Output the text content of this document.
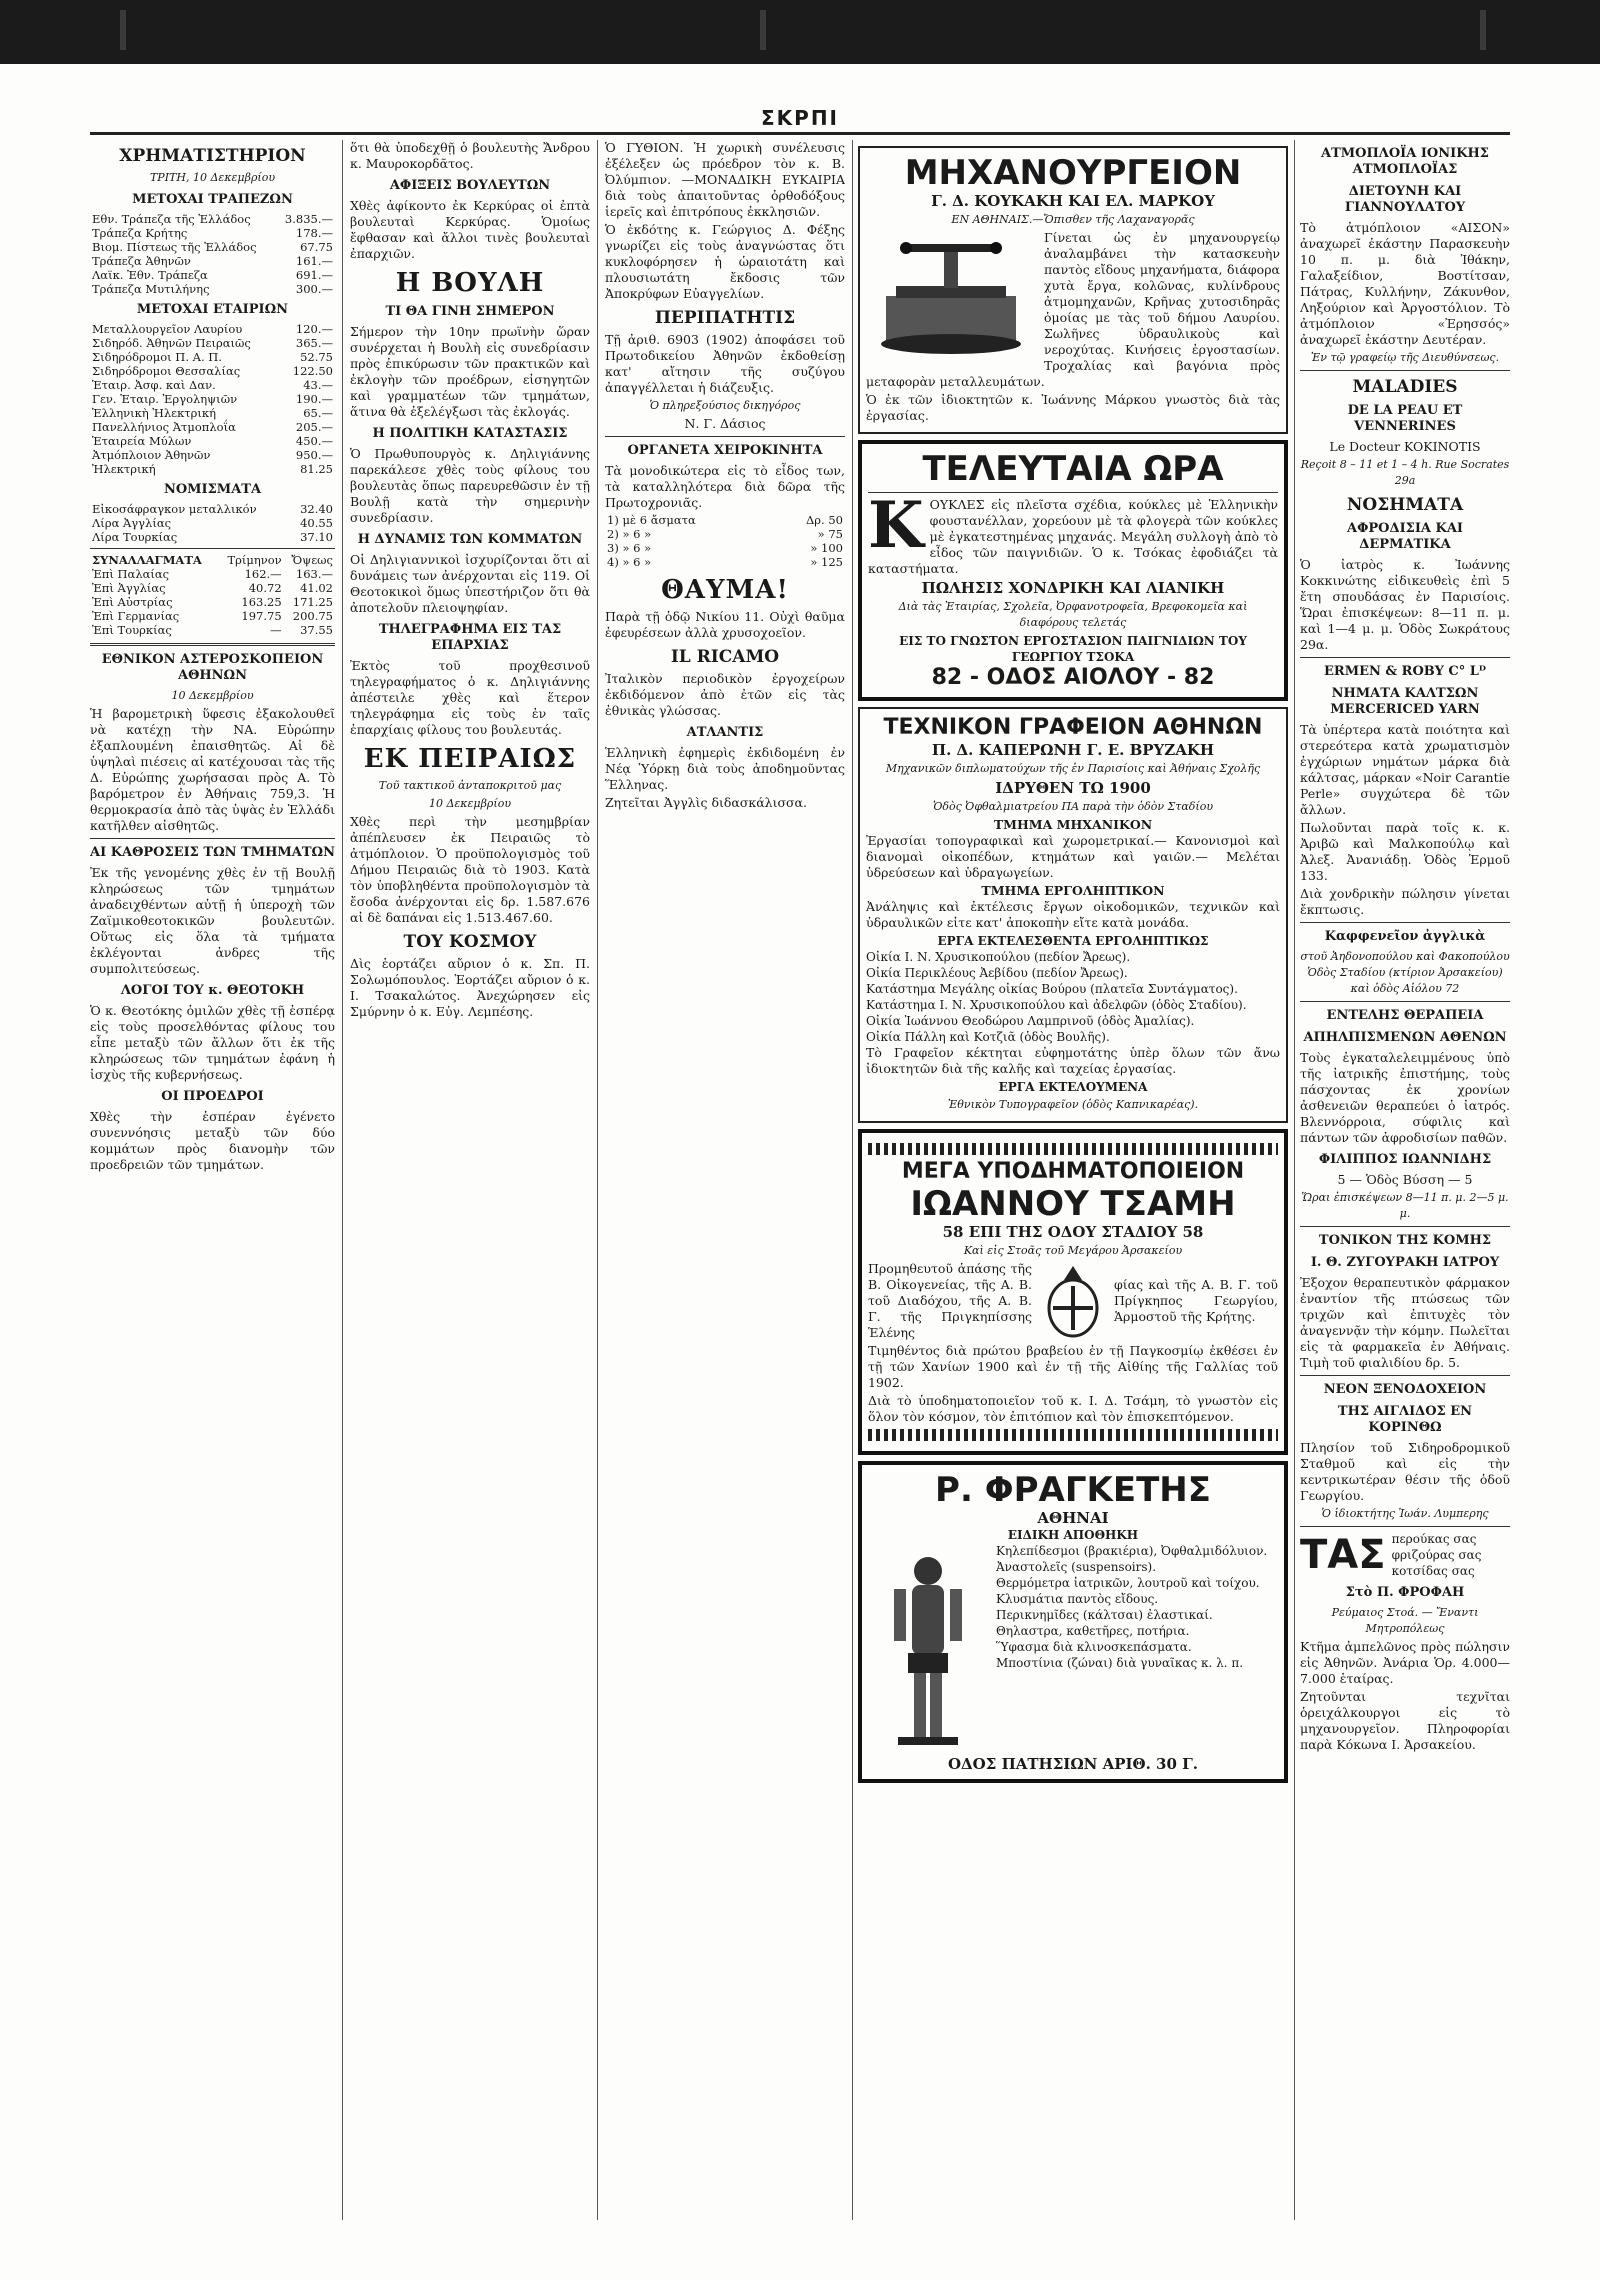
ΣΚΡΠΙ
ΧΡΗΜΑΤΙΣΤΗΡΙΟΝ
ΤΡΙΤΗ, 10 Δεκεμβρίου
ΜΕΤΟΧΑΙ ΤΡΑΠΕΖΩΝ
Εθν. Τράπεζα τῆς Ἑλλάδος	3.835.—
Τράπεζα Κρήτης	178.—
Βιομ. Πίστεως τῆς Ἑλλάδος	67.75
Τράπεζα Ἀθηνῶν	161.—
Λαϊκ. Ἐθν. Τράπεζα	691.—
Τράπεζα Μυτιλήνης	300.—
ΜΕΤΟΧΑΙ ΕΤΑΙΡΙΩΝ
Μεταλλουργεῖον Λαυρίου	120.—
Σιδηρόδ. Ἀθηνῶν Πειραιῶς	365.—
Σιδηρόδρομοι Π. Α. Π.	52.75
Σιδηρόδρομοι Θεσσαλίας	122.50
Ἑταιρ. Ἀσφ. καὶ Δαν.	43.—
Γεν. Ἑταιρ. Ἐργοληψιῶν	190.—
Ἑλληνικὴ Ἠλεκτρική	65.—
Πανελλήνιος Ἀτμοπλοΐα	205.—
Ἑταιρεία Μύλων	450.—
Ἀτμόπλοιον Ἀθηνῶν	950.—
Ἠλεκτρική	81.25
ΝΟΜΙΣΜΑΤΑ
Εἰκοσάφραγκον μεταλλικόν	32.40
Λίρα Ἀγγλίας	40.55
Λίρα Τουρκίας	37.10
ΣΥΝΑΛΛΑΓΜΑΤΑ	Τρίμηνον	Ὄψεως
Ἐπὶ Παλαίας	162.—	163.—
Ἐπὶ Ἀγγλίας	40.72	41.02
Ἐπὶ Αὐστρίας	163.25	171.25
Ἐπὶ Γερμανίας	197.75	200.75
Ἐπὶ Τουρκίας	—	37.55
ΕΘΝΙΚΟΝ ΑΣΤΕΡΟΣΚΟΠΕΙΟΝ ΑΘΗΝΩΝ
10 Δεκεμβρίου

Ἡ βαρομετρικὴ ὕφεσις ἐξακολουθεῖ νὰ κατέχῃ τὴν ΝΑ. Εὐρώπην ἐξαπλουμένη ἐπαισθητῶς. Αἱ δὲ ὑψηλαὶ πιέσεις αἱ κατέχουσαι τὰς τῆς Δ. Εὐρώπης χωρήσασαι πρὸς Α. Τὸ βαρόμετρον ἐν Ἀθήναις 759,3. Ἡ θερμοκρασία ἀπὸ τὰς ὑψὰς ἐν Ἑλλάδι κατῆλθεν αἰσθητῶς.

ΑΙ ΚΑΘΡΟΣΕΙΣ ΤΩΝ ΤΜΗΜΑΤΩΝ

Ἐκ τῆς γενομένης χθὲς ἐν τῇ Βουλῇ κληρώσεως τῶν τμημάτων ἀναδειχθέντων αὐτῇ ἡ ὑπεροχὴ τῶν Ζαϊμικοθεοτοκικῶν βουλευτῶν. Οὕτως εἰς ὅλα τὰ τμήματα ἐκλέγονται ἀνδρες τῆς συμπολιτεύσεως.

ΛΟΓΟΙ ΤΟΥ κ. ΘΕΟΤΟΚΗ

Ὁ κ. Θεοτόκης ὁμιλῶν χθὲς τῇ ἑσπέρᾳ εἰς τοὺς προσελθόντας φίλους του εἶπε μεταξὺ τῶν ἄλλων ὅτι ἐκ τῆς κληρώσεως τῶν τμημάτων ἐφάνη ἡ ἰσχὺς τῆς κυβερνήσεως.

ΟΙ ΠΡΟΕΔΡΟΙ

Χθὲς τὴν ἑσπέραν ἐγένετο συνεννόησις μεταξὺ τῶν δύο κομμάτων πρὸς διανομὴν τῶν προεδρειῶν τῶν τμημάτων.

ὅτι θὰ ὑποδεχθῇ ὁ βουλευτὴς Ἄνδρου κ. Μαυροκορδᾶτος.

ΑΦΙΞΕΙΣ ΒΟΥΛΕΥΤΩΝ

Χθὲς ἀφίκοντο ἐκ Κερκύρας οἱ ἐπτὰ βουλευταὶ Κερκύρας. Ὁμοίως ἔφθασαν καὶ ἄλλοι τινὲς βουλευταὶ ἐπαρχιῶν.

Η ΒΟΥΛΗ
ΤΙ ΘΑ ΓΙΝΗ ΣΗΜΕΡΟΝ

Σήμερον τὴν 10ην πρωϊνὴν ὥραν συνέρχεται ἡ Βουλὴ εἰς συνεδρίασιν πρὸς ἐπικύρωσιν τῶν πρακτικῶν καὶ ἐκλογὴν τῶν προέδρων, εἰσηγητῶν καὶ γραμματέων τῶν τμημάτων, ἅτινα θὰ ἐξελέγξωσι τὰς ἐκλογάς.

Η ΠΟΛΙΤΙΚΗ ΚΑΤΑΣΤΑΣΙΣ

Ὁ Πρωθυπουργὸς κ. Δηλιγιάννης παρεκάλεσε χθὲς τοὺς φίλους του βουλευτὰς ὅπως παρευρεθῶσιν ἐν τῇ Βουλῇ κατὰ τὴν σημερινὴν συνεδρίασιν.

Η ΔΥΝΑΜΙΣ ΤΩΝ ΚΟΜΜΑΤΩΝ

Οἱ Δηλιγιαννικοὶ ἰσχυρίζονται ὅτι αἱ δυνάμεις των ἀνέρχονται εἰς 119. Οἱ Θεοτοκικοὶ ὅμως ὑπεστήριζον ὅτι θὰ ἀποτελοῦν πλειοψηφίαν.

ΤΗΛΕΓΡΑΦΗΜΑ ΕΙΣ ΤΑΣ ΕΠΑΡΧΙΑΣ

Ἐκτὸς τοῦ προχθεσινοῦ τηλεγραφήματος ὁ κ. Δηλιγιάννης ἀπέστειλε χθὲς καὶ ἕτερον τηλεγράφημα εἰς τοὺς ἐν ταῖς ἐπαρχίαις φίλους του βουλευτάς.

ΕΚ ΠΕΙΡΑΙΩΣ
Τοῦ τακτικοῦ ἀνταποκριτοῦ μας
10 Δεκεμβρίου

Χθὲς περὶ τὴν μεσημβρίαν ἀπέπλευσεν ἐκ Πειραιῶς τὸ ἀτμόπλοιον. Ὁ προϋπολογισμὸς τοῦ Δήμου Πειραιῶς διὰ τὸ 1903. Κατὰ τὸν ὑποβληθέντα προϋπολογισμὸν τὰ ἔσοδα ἀνέρχονται εἰς δρ. 1.587.676 αἱ δὲ δαπάναι εἰς 1.513.467.60.

ΤΟΥ ΚΟΣΜΟΥ

Δὶς ἑορτάζει αὔριον ὁ κ. Σπ. Π. Σολωμόπουλος. Ἑορτάζει αὔριον ὁ κ. Ι. Τσακαλώτος. Ἀνεχώρησεν εἰς Σμύρνην ὁ κ. Εὐγ. Λεμπέσης.

Ὁ ΓΥΘΙΟΝ. Ἡ χωρικὴ συνέλευσις ἐξέλεξεν ὡς πρόεδρον τὸν κ. Β. Ὀλύμπιον. —ΜΟΝΑΔΙΚΗ ΕΥΚΑΙΡΙΑ διὰ τοὺς ἀπαιτοῦντας ὀρθοδόξους ἱερεῖς καὶ ἐπιτρόπους ἐκκλησιῶν.

Ὁ ἐκδότης κ. Γεώργιος Δ. Φέξης γνωρίζει εἰς τοὺς ἀναγνώστας ὅτι κυκλοφόρησεν ἡ ὡραιοτάτη καὶ πλουσιωτάτη ἔκδοσις τῶν Ἀποκρύφων Εὐαγγελίων.

ΠΕΡΙΠΑΤΗΤΙΣ

Τῇ ἀριθ. 6903 (1902) ἀποφάσει τοῦ Πρωτοδικείου Ἀθηνῶν ἐκδοθείσῃ κατ' αἴτησιν τῆς συζύγου ἀπαγγέλλεται ἡ διάζευξις.

Ὁ πληρεξούσιος δικηγόρος
Ν. Γ. Δάσιος
ΟΡΓΑΝΕΤΑ ΧΕΙΡΟΚΙΝΗΤΑ

Τὰ μονοδικώτερα εἰς τὸ εἶδος των, τὰ καταλληλότερα διὰ δῶρα τῆς Πρωτοχρονιᾶς.

1) μὲ 6 ἄσματα	Δρ. 50
2) » 6 »	» 75
3) » 6 »	» 100
4) » 6 »	» 125
ΘΑΥΜΑ!

Παρὰ τῇ ὁδῷ Νικίου 11. Οὐχὶ θαῦμα ἐφευρέσεων ἀλλὰ χρυσοχοεῖον.

IL RICAMO

Ἰταλικὸν περιοδικὸν ἐργοχείρων ἐκδιδόμενον ἀπὸ ἐτῶν εἰς τὰς ἐθνικὰς γλώσσας.

ΑΤΛΑΝΤΙΣ

Ἑλληνικὴ ἐφημερὶς ἐκδιδομένη ἐν Νέᾳ Ὑόρκῃ διὰ τοὺς ἀποδημοῦντας Ἕλληνας.

Ζητεῖται Ἀγγλὶς διδασκάλισσα.

ΜΗΧΑΝΟΥΡΓΕΙΟΝ
Γ. Δ. ΚΟΥΚΑΚΗ ΚΑΙ ΕΛ. ΜΑΡΚΟΥ
ΕΝ ΑΘΗΝΑΙΣ.—Ὄπισθεν τῆς Λαχαναγορᾶς

Γίνεται ὡς ἐν μηχανουργείῳ ἀναλαμβάνει τὴν κατασκευὴν παντὸς εἴδους μηχανήματα, διάφορα χυτὰ ἔργα, κολῶνας, κυλίνδρους ἀτμομηχανῶν, Κρῆνας χυτοσιδηρᾶς ὁμοίας με τὰς τοῦ δήμου Λαυρίου. Σωλῆνες ὑδραυλικοὺς καὶ νεροχύτας. Κινήσεις ἐργοστασίων. Τροχαλίας καὶ βαγόνια πρὸς μεταφορὰν μεταλλευμάτων.

Ὁ ἐκ τῶν ἰδιοκτητῶν κ. Ἰωάννης Μάρκου γνωστὸς διὰ τὰς ἐργασίας.

ΤΕΛΕΥΤΑΙΑ ΩΡΑ
Κ ΟΥΚΛΕΣ εἰς πλεῖστα σχέδια, κούκλες μὲ Ἑλληνικὴν φουστανέλλαν, χορεύουν μὲ τὰ φλογερὰ τῶν κούκλες μὲ ἐγκατεστημένας μηχανάς. Μεγάλη συλλογὴ ἀπὸ τὸ εἶδος τῶν παιγνιδιῶν. Ὁ κ. Τσόκας ἐφοδιάζει τὰ καταστήματα.

ΠΩΛΗΣΙΣ ΧΟΝΔΡΙΚΗ ΚΑΙ ΛΙΑΝΙΚΗ
Διὰ τὰς Ἑταιρίας, Σχολεῖα, Ὀρφανοτροφεῖα, Βρεφοκομεῖα καὶ διαφόρους τελετάς
ΕΙΣ ΤΟ ΓΝΩΣΤΟΝ ΕΡΓΟΣΤΑΣΙΟΝ ΠΑΙΓΝΙΔΙΩΝ ΤΟΥ ΓΕΩΡΓΙΟΥ ΤΣΟΚΑ
82 - ΟΔΟΣ ΑΙΟΛΟΥ - 82
ΤΕΧΝΙΚΟΝ ΓΡΑΦΕΙΟΝ ΑΘΗΝΩΝ
Π. Δ. ΚΑΠΕΡΩΝΗ Γ. Ε. ΒΡΥΖΑΚΗ
Μηχανικῶν διπλωματούχων τῆς ἐν Παρισίοις καὶ Ἀθήναις Σχολῆς
ΙΔΡΥΘΕΝ ΤΩ 1900
Ὁδὸς Ὀφθαλμιατρείου ΠΑ παρὰ τὴν ὁδὸν Σταδίου
ΤΜΗΜΑ ΜΗΧΑΝΙΚΟΝ

Ἐργασίαι τοπογραφικαὶ καὶ χωρομετρικαί.— Κανονισμοὶ καὶ διανομαὶ οἰκοπέδων, κτημάτων καὶ γαιῶν.— Μελέται ὑδρεύσεων καὶ ὑδραγωγείων.

ΤΜΗΜΑ ΕΡΓΟΛΗΠΤΙΚΟΝ

Ἀνάληψις καὶ ἐκτέλεσις ἔργων οἰκοδομικῶν, τεχνικῶν καὶ ὑδραυλικῶν εἰτε κατ' ἀποκοπὴν εἴτε κατὰ μονάδα.

ΕΡΓΑ ΕΚΤΕΛΕΣΘΕΝΤΑ ΕΡΓΟΛΗΠΤΙΚΩΣ
Οἰκία Ι. Ν. Χρυσικοπούλου (πεδίον Ἄρεως).
Οἰκία Περικλέους Ἀεβίδου (πεδίον Ἄρεως).
Κατάστημα Μεγάλης οἰκίας Βούρου (πλατεῖα Συντάγματος).
Κατάστημα Ι. Ν. Χρυσικοπούλου καὶ ἀδελφῶν (ὁδὸς Σταδίου).
Οἰκία Ἰωάννου Θεοδώρου Λαμπρινοῦ (ὁδὸς Ἀμαλίας).
Οἰκία Πάλλη καὶ Κοτζιᾶ (ὁδὸς Βουλῆς).

Τὸ Γραφεῖον κέκτηται εὐφημοτάτης ὑπὲρ ὅλων τῶν ἄνω ἰδιοκτητῶν διὰ τῆς καλῆς καὶ ταχείας ἐργασίας.

ΕΡΓΑ ΕΚΤΕΛΟΥΜΕΝΑ
Ἐθνικὸν Τυπογραφεῖον (ὁδὸς Καπνικαρέας).
ΜΕΓΑ ΥΠΟΔΗΜΑΤΟΠΟΙΕΙΟΝ
ΙΩΑΝΝΟΥ ΤΣΑΜΗ
58 ΕΠΙ ΤΗΣ ΟΔΟΥ ΣΤΑΔΙΟΥ 58
Καὶ εἰς Στοᾶς τοῦ Μεγάρου Ἀρσακείου

Προμηθευτοῦ ἁπάσης τῆς Β. Οἰκογενείας, τῆς Α. Β. τοῦ Διαδόχου, τῆς Α. Β. Γ. τῆς Πριγκηπίσσης Ἑλένης

φίας καὶ τῆς Α. Β. Γ. τοῦ Πρίγκηπος Γεωργίου, Ἁρμοστοῦ τῆς Κρήτης.

Τιμηθέντος διὰ πρώτου βραβείου ἐν τῇ Παγκοσμίῳ ἐκθέσει ἐν τῇ τῶν Χανίων 1900 καὶ ἐν τῇ τῆς Αἰθίης τῆς Γαλλίας τοῦ 1902.

Διὰ τὸ ὑποδηματοποιεῖον τοῦ κ. Ι. Δ. Τσάμη, τὸ γνωστὸν εἰς ὅλον τὸν κόσμον, τὸν ἐπιτόπιον καὶ τὸν ἐπισκεπτόμενον.

Ρ. ΦΡΑΓΚΕΤΗΣ
ΑΘΗΝΑΙ
ΕΙΔΙΚΗ ΑΠΟΘΗΚΗ
Κηλεπίδεσμοι (βρακιέρια), Ὀφθαλμιδόλυιον.
Ἀναστολεῖς (suspensoirs).
Θερμόμετρα ἰατρικῶν, λουτροῦ καὶ τοίχου.
Κλυσμάτια παντὸς εἴδους.
Περικνημῖδες (κάλτσαι) ἐλαστικαί.
Θηλαστρα, καθετῆρες, ποτήρια.
Ὕφασμα διὰ κλινοσκεπάσματα.
Μποστίνια (ζώναι) διὰ γυναῖκας κ. λ. π.
ΟΔΟΣ ΠΑΤΗΣΙΩΝ ΑΡΙΘ. 30 Γ.
ΑΤΜΟΠΛΟΪΑ ΙΟΝΙΚΗΣ ΑΤΜΟΠΛΟΪΑΣ
ΔΙΕΤΟΥΝΗ ΚΑΙ ΓΙΑΝΝΟΥΛΑΤΟΥ

Τὸ ἀτμόπλοιον «ΑΙΣΟΝ» ἀναχωρεῖ ἐκάστην Παρασκευὴν 10 π. μ. διὰ Ἰθάκην, Γαλαξείδιον, Βοστίτσαν, Πάτρας, Κυλλήνην, Ζάκυνθον, Ληξούριον καὶ Ἀργοστόλιον. Τὸ ἀτμόπλοιον «Ἐρησσός» ἀναχωρεῖ ἑκάστην Δευτέραν.

Ἐν τῷ γραφείῳ τῆς Διευθύνσεως.
MALADIES
DE LA PEAU ET VENNERINES
Le Docteur KOKINOTIS
Reçoit 8 – 11 et 1 – 4 h. Rue Socrates 29a
ΝΟΣΗΜΑΤΑ
ΑΦΡΟΔΙΣΙΑ ΚΑΙ ΔΕΡΜΑΤΙΚΑ

Ὁ ἰατρὸς κ. Ἰωάννης Κοκκινώτης εἰδικευθεὶς ἐπὶ 5 ἔτη σπουδάσας ἐν Παρισίοις. Ὥραι ἐπισκέψεων: 8—11 π. μ. καὶ 1—4 μ. μ. Ὁδὸς Σωκράτους 29α.

ERMEN & ROBY C° Lᴰ
ΝΗΜΑΤΑ ΚΑΛΤΣΩΝ MERCERICED YARN

Τὰ ὑπέρτερα κατὰ ποιότητα καὶ στερεότερα κατὰ χρωματισμὸν ἐγχώριων νημάτων μάρκα διὰ κάλτσας, μάρκαν «Noir Carantie Perle» συγχώτερα δὲ τῶν ἄλλων.

Πωλοῦνται παρὰ τοῖς κ. κ. Ἀριβῶ καὶ Μαλκοπούλῳ καὶ Ἀλεξ. Ἀνανιάδῃ. Ὁδὸς Ἑρμοῦ 133.

Διὰ χονδρικὴν πώλησιν γίνεται ἔκπτωσις.

Καφφενεῖον ἀγγλικὰ
στοῦ Ἀηδονοπούλου καὶ Φακοπούλου Ὁδὸς Σταδίου (κτίριον Ἀρσακείου) καὶ ὁδὸς Αἰόλου 72
ΕΝΤΕΛΗΣ ΘΕΡΑΠΕΙΑ
ΑΠΗΛΠΙΣΜΕΝΩΝ ΑΘΕΝΩΝ

Τοὺς ἐγκαταλελειμμένους ὑπὸ τῆς ἰατρικῆς ἐπιστήμης, τοὺς πάσχοντας ἐκ χρονίων ἀσθενειῶν θεραπεύει ὁ ἰατρός. Βλεννόρροια, σύφιλις καὶ πάντων τῶν ἀφροδισίων παθῶν.

ΦΙΛΙΠΠΟΣ ΙΩΑΝΝΙΔΗΣ
5 — Ὁδὸς Βύσση — 5
Ὥραι ἐπισκέψεων 8—11 π. μ. 2—5 μ. μ.
ΤΟΝΙΚΟΝ ΤΗΣ ΚΟΜΗΣ
Ι. Θ. ΖΥΓΟΥΡΑΚΗ ΙΑΤΡΟΥ

Ἐξοχον θεραπευτικὸν φάρμακον ἐναντίον τῆς πτώσεως τῶν τριχῶν καὶ ἐπιτυχὲς τὸν ἀναγεννᾷν τὴν κόμην. Πωλεῖται εἰς τὰ φαρμακεῖα ἐν Ἀθήναις. Τιμὴ τοῦ φιαλιδίου δρ. 5.

ΝΕΟΝ ΞΕΝΟΔΟΧΕΙΟΝ
ΤΗΣ ΑΙΓΛΙΔΟΣ ΕΝ ΚΟΡΙΝΘΩ

Πλησίον τοῦ Σιδηροδρομικοῦ Σταθμοῦ καὶ εἰς τὴν κεντρικωτέραν θέσιν τῆς ὁδοῦ Γεωργίου.

Ὁ ἰδιοκτήτης Ἰωάν. Λυμπερης
ΤΑΣ περούκας σας
φριζούρας σας
κοτσίδας σας
Στὸ Π. ΦΡΟΦΑΗ
Ρεύμαιος Στοά. — Ἔναντι Μητροπόλεως

Κτῆμα ἀμπελῶνος πρὸς πώλησιν εἰς Ἀθηνῶν. Ἀνάρια Ὁρ. 4.000—7.000 ἑταίρας.

Ζητοῦνται τεχνῖται ὁρειχάλκουργοι εἰς τὸ μηχανουργεῖον. Πληροφορίαι παρὰ Κόκωνα Ι. Ἀρσακείου.
